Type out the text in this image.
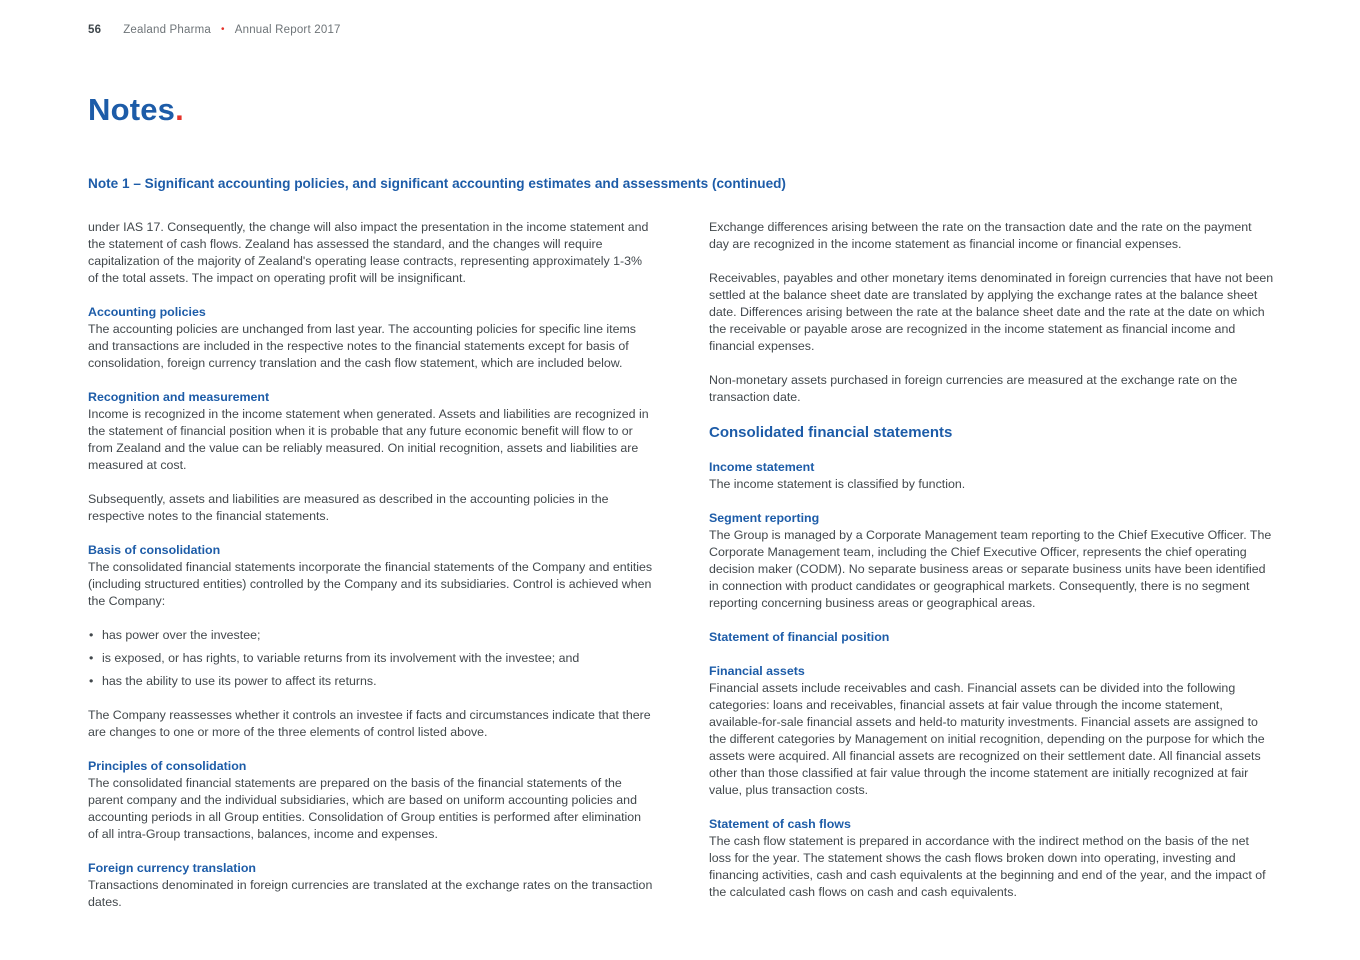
56 Zealand Pharma • Annual Report 2017
Notes.
Note 1 – Significant accounting policies, and significant accounting estimates and assessments (continued)

under IAS 17. Consequently, the change will also impact the presentation in the income statement and the statement of cash flows. Zealand has assessed the standard, and the changes will require capitalization of the majority of Zealand's operating lease contracts, representing approximately 1-3% of the total assets. The impact on operating profit will be insignificant.

Accounting policies

The accounting policies are unchanged from last year. The accounting policies for specific line items and transactions are included in the respective notes to the financial statements except for basis of consolidation, foreign currency translation and the cash flow statement, which are included below.

Recognition and measurement

Income is recognized in the income statement when generated. Assets and liabilities are recognized in the statement of financial position when it is probable that any future economic benefit will flow to or from Zealand and the value can be reliably measured. On initial recognition, assets and liabilities are measured at cost.

Subsequently, assets and liabilities are measured as described in the accounting policies in the respective notes to the financial statements.

Basis of consolidation

The consolidated financial statements incorporate the financial statements of the Company and entities (including structured entities) controlled by the Company and its subsidiaries. Control is achieved when the Company:

• has power over the investee;
• is exposed, or has rights, to variable returns from its involvement with the investee; and
• has the ability to use its power to affect its returns.

The Company reassesses whether it controls an investee if facts and circumstances indicate that there are changes to one or more of the three elements of control listed above.

Principles of consolidation

The consolidated financial statements are prepared on the basis of the financial statements of the parent company and the individual subsidiaries, which are based on uniform accounting policies and accounting periods in all Group entities. Consolidation of Group entities is performed after elimination of all intra-Group transactions, balances, income and expenses.

Foreign currency translation

Transactions denominated in foreign currencies are translated at the exchange rates on the transaction dates.

Exchange differences arising between the rate on the transaction date and the rate on the payment day are recognized in the income statement as financial income or financial expenses.

Receivables, payables and other monetary items denominated in foreign currencies that have not been settled at the balance sheet date are translated by applying the exchange rates at the balance sheet date. Differences arising between the rate at the balance sheet date and the rate at the date on which the receivable or payable arose are recognized in the income statement as financial income and financial expenses.

Non-monetary assets purchased in foreign currencies are measured at the exchange rate on the transaction date.

Consolidated financial statements
Income statement

The income statement is classified by function.

Segment reporting

The Group is managed by a Corporate Management team reporting to the Chief Executive Officer. The Corporate Management team, including the Chief Executive Officer, represents the chief operating decision maker (CODM). No separate business areas or separate business units have been identified in connection with product candidates or geographical markets. Consequently, there is no segment reporting concerning business areas or geographical areas.

Statement of financial position
Financial assets

Financial assets include receivables and cash. Financial assets can be divided into the following categories: loans and receivables, financial assets at fair value through the income statement, available-for-sale financial assets and held-to maturity investments. Financial assets are assigned to the different categories by Management on initial recognition, depending on the purpose for which the assets were acquired. All financial assets are recognized on their settlement date. All financial assets other than those classified at fair value through the income statement are initially recognized at fair value, plus transaction costs.

Statement of cash flows

The cash flow statement is prepared in accordance with the indirect method on the basis of the net loss for the year. The statement shows the cash flows broken down into operating, investing and financing activities, cash and cash equivalents at the beginning and end of the year, and the impact of the calculated cash flows on cash and cash equivalents.
